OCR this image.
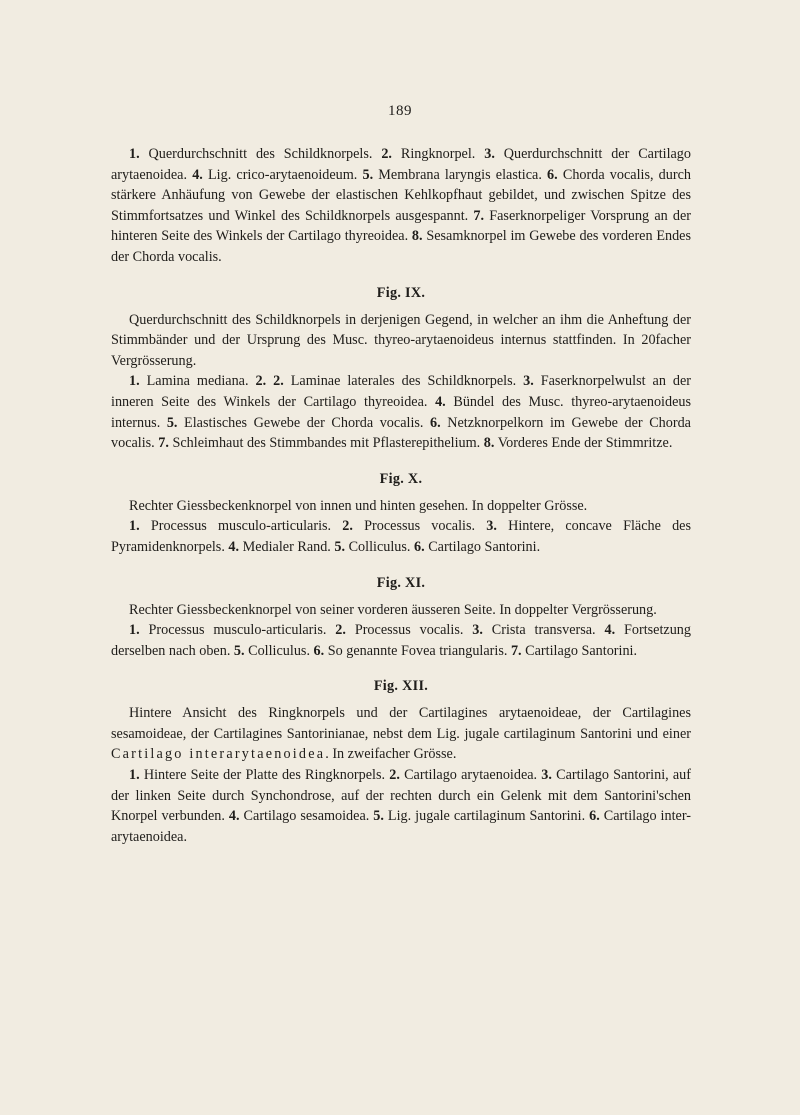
189

1. Querdurchschnitt des Schildknorpels. 2. Ringknorpel. 3. Querdurchschnitt der Cartilago arytaenoidea. 4. Lig. crico-arytaenoideum. 5. Membrana laryngis elastica. 6. Chorda vocalis, durch stärkere Anhäufung von Gewebe der elastischen Kehlkopfhaut gebildet, und zwischen Spitze des Stimmfortsatzes und Winkel des Schildknorpels ausgespannt. 7. Faserknorpeliger Vorsprung an der hinteren Seite des Winkels der Cartilago thyreoidea. 8. Sesamknorpel im Gewebe des vorderen Endes der Chorda vocalis.

Fig. IX.

Querdurchschnitt des Schildknorpels in derjenigen Gegend, in welcher an ihm die Anheftung der Stimmbänder und der Ursprung des Musc. thyreo-arytaenoideus internus stattfinden. In 20facher Vergrösserung.

1. Lamina mediana. 2. 2. Laminae laterales des Schildknorpels. 3. Faserknorpelwulst an der inneren Seite des Winkels der Cartilago thyreoidea. 4. Bündel des Musc. thyreo-arytaenoideus internus. 5. Elastisches Gewebe der Chorda vocalis. 6. Netzknorpelkorn im Gewebe der Chorda vocalis. 7. Schleimhaut des Stimmbandes mit Pflasterepithelium. 8. Vorderes Ende der Stimmritze.

Fig. X.

Rechter Giessbeckenknorpel von innen und hinten gesehen. In doppelter Grösse.

1. Processus musculo-articularis. 2. Processus vocalis. 3. Hintere, concave Fläche des Pyramidenknorpels. 4. Medialer Rand. 5. Colliculus. 6. Cartilago Santorini.

Fig. XI.

Rechter Giessbeckenknorpel von seiner vorderen äusseren Seite. In doppelter Vergrösserung.

1. Processus musculo-articularis. 2. Processus vocalis. 3. Crista transversa. 4. Fortsetzung derselben nach oben. 5. Colliculus. 6. So genannte Fovea triangularis. 7. Cartilago Santorini.

Fig. XII.

Hintere Ansicht des Ringknorpels und der Cartilagines arytaenoideae, der Cartilagines sesamoideae, der Cartilagines Santorinianae, nebst dem Lig. jugale cartilaginum Santorini und einer Cartilago interarytaenoidea. In zweifacher Grösse.

1. Hintere Seite der Platte des Ringknorpels. 2. Cartilago arytaenoidea. 3. Cartilago Santorini, auf der linken Seite durch Synchondrose, auf der rechten durch ein Gelenk mit dem Santorini'schen Knorpel verbunden. 4. Cartilago sesamoidea. 5. Lig. jugale cartilaginum Santorini. 6. Cartilago inter-arytaenoidea.
